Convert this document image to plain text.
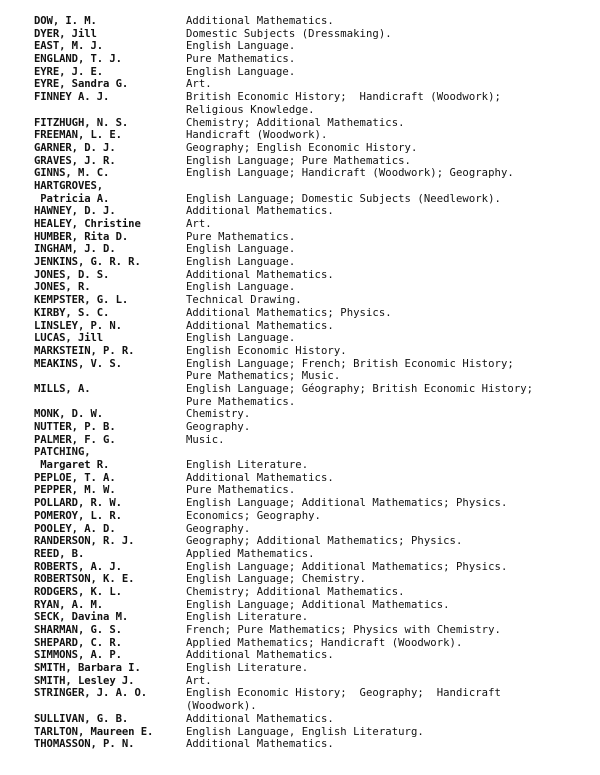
DOW, I. M.	Additional Mathematics.
DYER, Jill	Domestic Subjects (Dressmaking).
EAST, M. J.	English Language.
ENGLAND, T. J.	Pure Mathematics.
EYRE, J. E.	English Language.
EYRE, Sandra G.	Art.
FINNEY A. J.	British Economic History;  Handicraft (Woodwork);
Religious Knowledge.
FITZHUGH, N. S.	Chemistry; Additional Mathematics.
FREEMAN, L. E.	Handicraft (Woodwork).
GARNER, D. J.	Geography; English Economic History.
GRAVES, J. R.	English Language; Pure Mathematics.
GINNS, M. C.	English Language; Handicraft (Woodwork); Geography.
HARTGROVES,
Patricia A.	English Language; Domestic Subjects (Needlework).
HAWNEY, D. J.	Additional Mathematics.
HEALEY, Christine	Art.
HUMBER, Rita D.	Pure Mathematics.
INGHAM, J. D.	English Language.
JENKINS, G. R. R.	English Language.
JONES, D. S.	Additional Mathematics.
JONES, R.	English Language.
KEMPSTER, G. L.	Technical Drawing.
KIRBY, S. C.	Additional Mathematics; Physics.
LINSLEY, P. N.	Additional Mathematics.
LUCAS, Jill	English Language.
MARKSTEIN, P. R.	English Economic History.
MEAKINS, V. S.	English Language; French; British Economic History;
Pure Mathematics; Music.
MILLS, A.	English Language; Géography; British Economic History;
Pure Mathematics.
MONK, D. W.	Chemistry.
NUTTER, P. B.	Geography.
PALMER, F. G.	Music.
PATCHING,
Margaret R.	English Literature.
PEPLOE, T. A.	Additional Mathematics.
PEPPER, M. W.	Pure Mathematics.
POLLARD, R. W.	English Language; Additional Mathematics; Physics.
POMEROY, L. R.	Economics; Geography.
POOLEY, A. D.	Geography.
RANDERSON, R. J.	Geography; Additional Mathematics; Physics.
REED, B.	Applied Mathematics.
ROBERTS, A. J.	English Language; Additional Mathematics; Physics.
ROBERTSON, K. E.	English Language; Chemistry.
RODGERS, K. L.	Chemistry; Additional Mathematics.
RYAN, A. M.	English Language; Additional Mathematics.
SECK, Davina M.	English Literature.
SHARMAN, G. S.	French; Pure Mathematics; Physics with Chemistry.
SHEPARD, C. R.	Applied Mathematics; Handicraft (Woodwork).
SIMMONS, A. P.	Additional Mathematics.
SMITH, Barbara I.	English Literature.
SMITH, Lesley J.	Art.
STRINGER, J. A. O.	English Economic History;  Geography;  Handicraft
(Woodwork).
SULLIVAN, G. B.	Additional Mathematics.
TARLTON, Maureen E.	English Language, English Literaturg.
THOMASSON, P. N.	Additional Mathematics.
